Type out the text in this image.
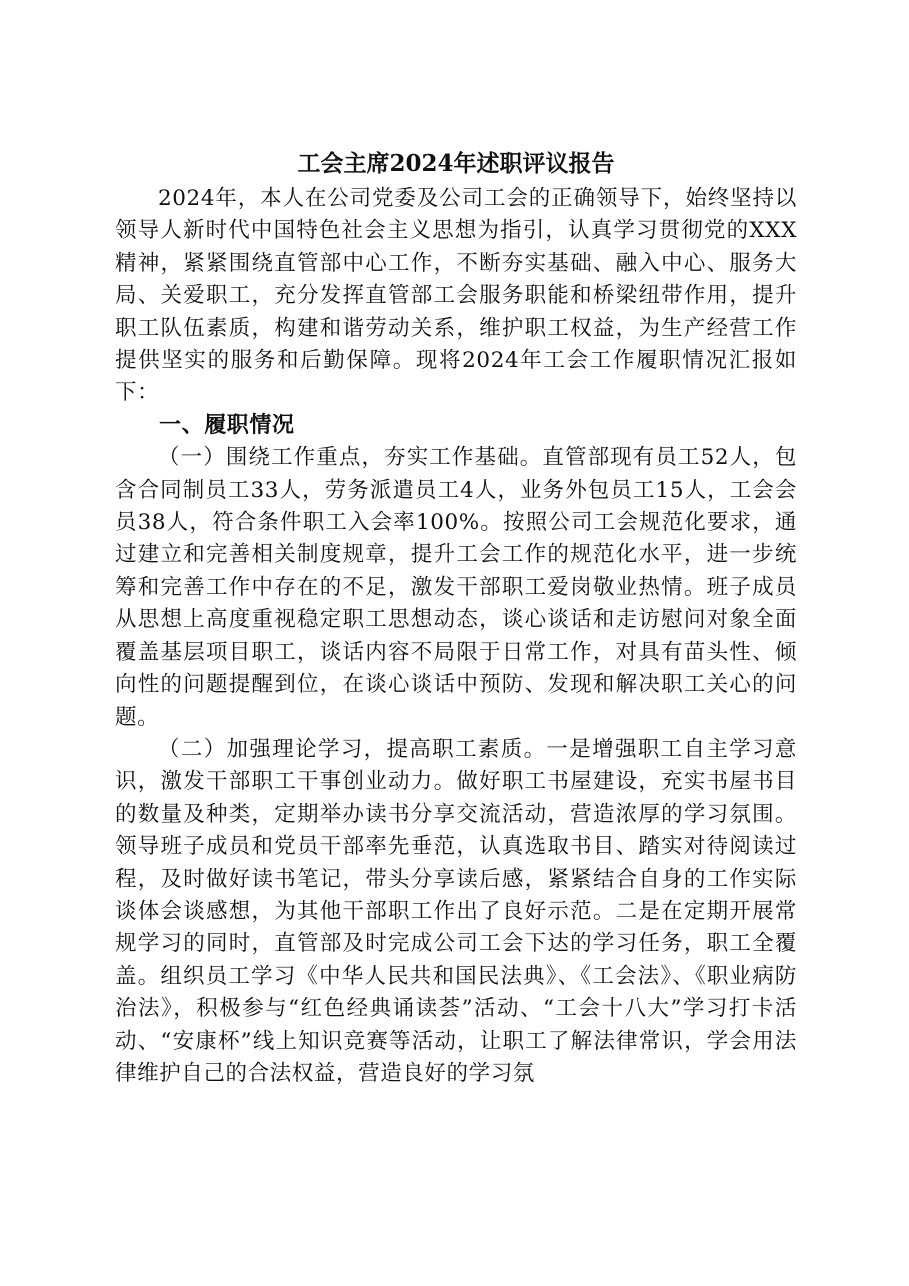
工会主席2024年述职评议报告

2024年，本人在公司党委及公司工会的正确领导下，始终坚持以领导人新时代中国特色社会主义思想为指引，认真学习贯彻党的XXX精神，紧紧围绕直管部中心工作，不断夯实基础、融入中心、服务大局、关爱职工，充分发挥直管部工会服务职能和桥梁纽带作用，提升职工队伍素质，构建和谐劳动关系，维护职工权益，为生产经营工作提供坚实的服务和后勤保障。现将2024年工会工作履职情况汇报如下：

一、履职情况

（一）围绕工作重点，夯实工作基础。直管部现有员工52人，包含合同制员工33人，劳务派遣员工4人，业务外包员工15人，工会会员38人，符合条件职工入会率100%。按照公司工会规范化要求，通过建立和完善相关制度规章，提升工会工作的规范化水平，进一步统筹和完善工作中存在的不足，激发干部职工爱岗敬业热情。班子成员从思想上高度重视稳定职工思想动态，谈心谈话和走访慰问对象全面覆盖基层项目职工，谈话内容不局限于日常工作，对具有苗头性、倾向性的问题提醒到位，在谈心谈话中预防、发现和解决职工关心的问题。

（二）加强理论学习，提高职工素质。一是增强职工自主学习意识，激发干部职工干事创业动力。做好职工书屋建设，充实书屋书目的数量及种类，定期举办读书分享交流活动，营造浓厚的学习氛围。领导班子成员和党员干部率先垂范，认真选取书目、踏实对待阅读过程，及时做好读书笔记，带头分享读后感，紧紧结合自身的工作实际谈体会谈感想，为其他干部职工作出了良好示范。二是在定期开展常规学习的同时，直管部及时完成公司工会下达的学习任务，职工全覆盖。组织员工学习《中华人民共和国民法典》、《工会法》、《职业病防治法》，积极参与“红色经典诵读荟”活动、“工会十八大”学习打卡活动、“安康杯”线上知识竞赛等活动，让职工了解法律常识，学会用法律维护自己的合法权益，营造良好的学习氛
